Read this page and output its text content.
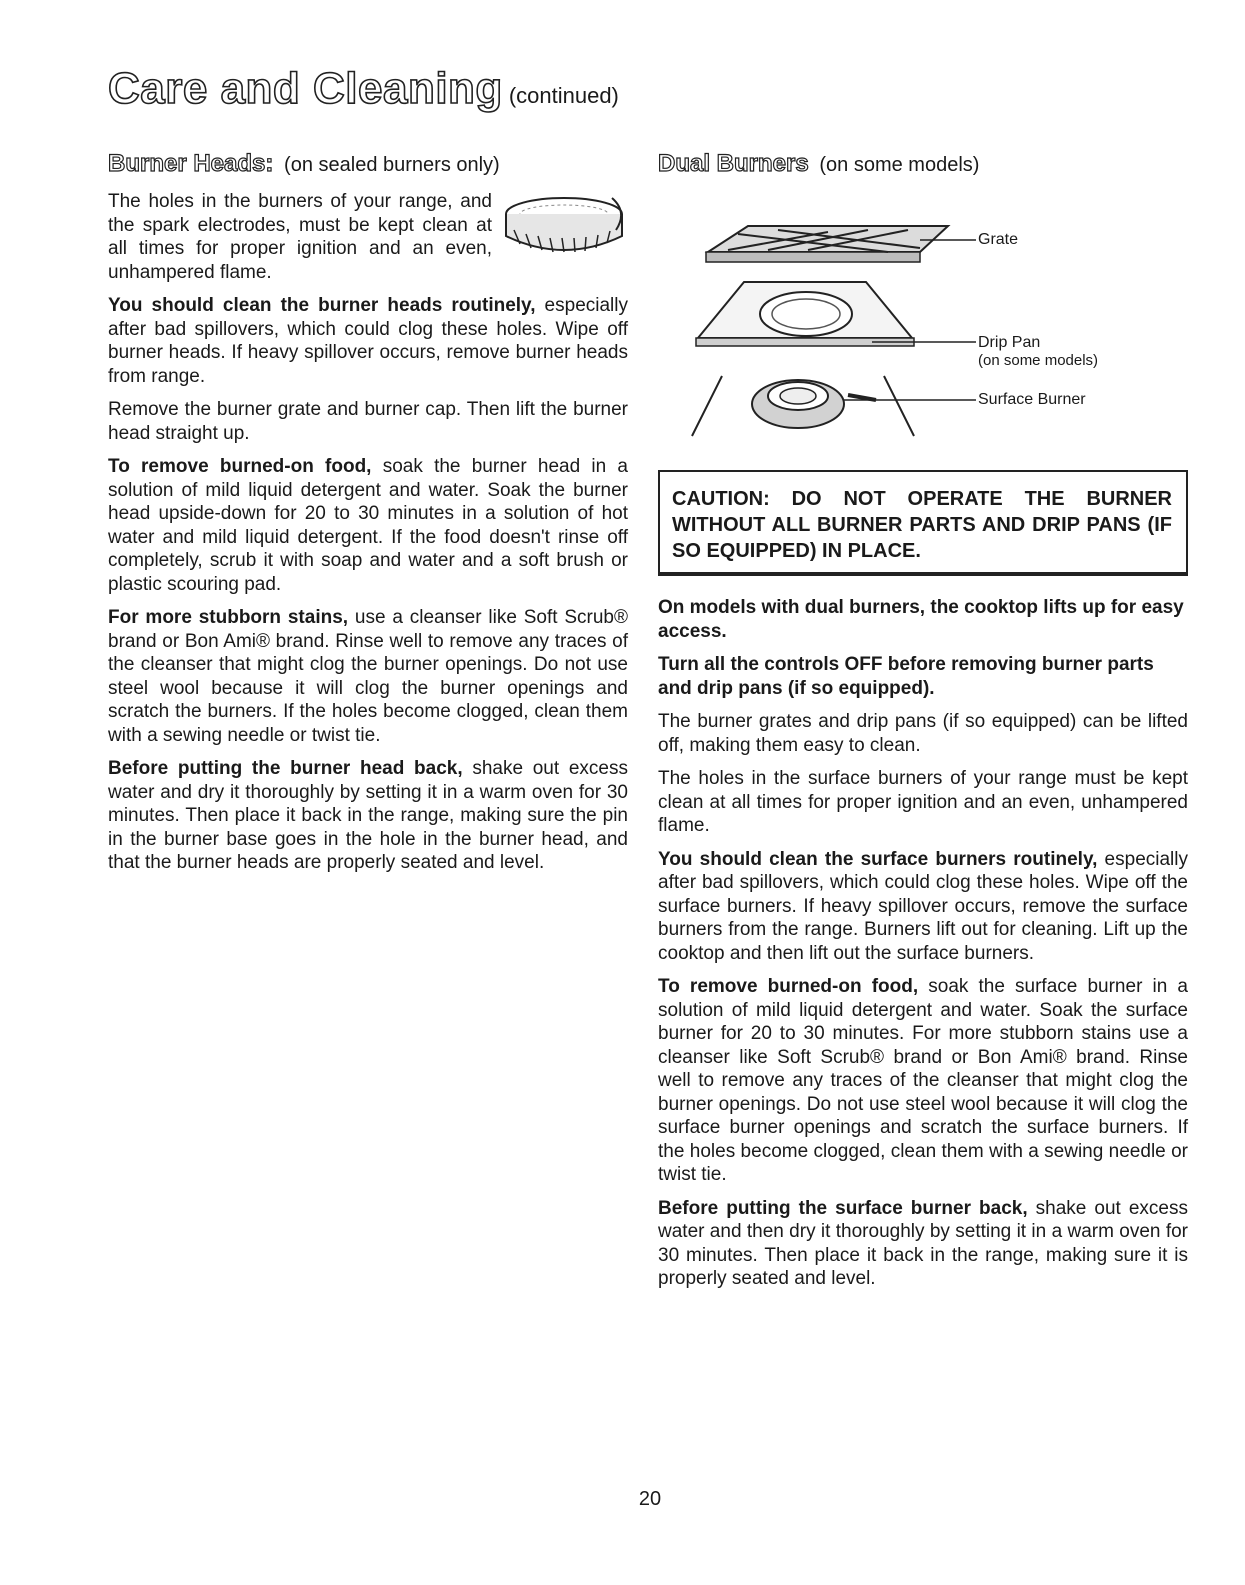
Care and Cleaning (continued)
Burner Heads: (on sealed burners only)

The holes in the burners of your range, and the spark electrodes, must be kept clean at all times for proper ignition and an even, unhampered flame.

You should clean the burner heads routinely, especially after bad spillovers, which could clog these holes. Wipe off burner heads. If heavy spillover occurs, remove burner heads from range.

Remove the burner grate and burner cap. Then lift the burner head straight up.

To remove burned-on food, soak the burner head in a solution of mild liquid detergent and water. Soak the burner head upside-down for 20 to 30 minutes in a solution of hot water and mild liquid detergent. If the food doesn't rinse off completely, scrub it with soap and water and a soft brush or plastic scouring pad.

For more stubborn stains, use a cleanser like Soft Scrub® brand or Bon Ami® brand. Rinse well to remove any traces of the cleanser that might clog the burner openings. Do not use steel wool because it will clog the burner openings and scratch the burners. If the holes become clogged, clean them with a sewing needle or twist tie.

Before putting the burner head back, shake out excess water and dry it thoroughly by setting it in a warm oven for 30 minutes. Then place it back in the range, making sure the pin in the burner base goes in the hole in the burner head, and that the burner heads are properly seated and level.

Dual Burners (on some models)
Grate
Drip Pan
(on some models)
Surface Burner

CAUTION: DO NOT OPERATE THE BURNER WITHOUT ALL BURNER PARTS AND DRIP PANS (IF SO EQUIPPED) IN PLACE.

On models with dual burners, the cooktop lifts up for easy access.

Turn all the controls OFF before removing burner parts and drip pans (if so equipped).

The burner grates and drip pans (if so equipped) can be lifted off, making them easy to clean.

The holes in the surface burners of your range must be kept clean at all times for proper ignition and an even, unhampered flame.

You should clean the surface burners routinely, especially after bad spillovers, which could clog these holes. Wipe off the surface burners. If heavy spillover occurs, remove the surface burners from the range. Burners lift out for cleaning. Lift up the cooktop and then lift out the surface burners.

To remove burned-on food, soak the surface burner in a solution of mild liquid detergent and water. Soak the surface burner for 20 to 30 minutes. For more stubborn stains use a cleanser like Soft Scrub® brand or Bon Ami® brand. Rinse well to remove any traces of the cleanser that might clog the burner openings. Do not use steel wool because it will clog the surface burner openings and scratch the surface burners. If the holes become clogged, clean them with a sewing needle or twist tie.

Before putting the surface burner back, shake out excess water and then dry it thoroughly by setting it in a warm oven for 30 minutes. Then place it back in the range, making sure it is properly seated and level.

20
